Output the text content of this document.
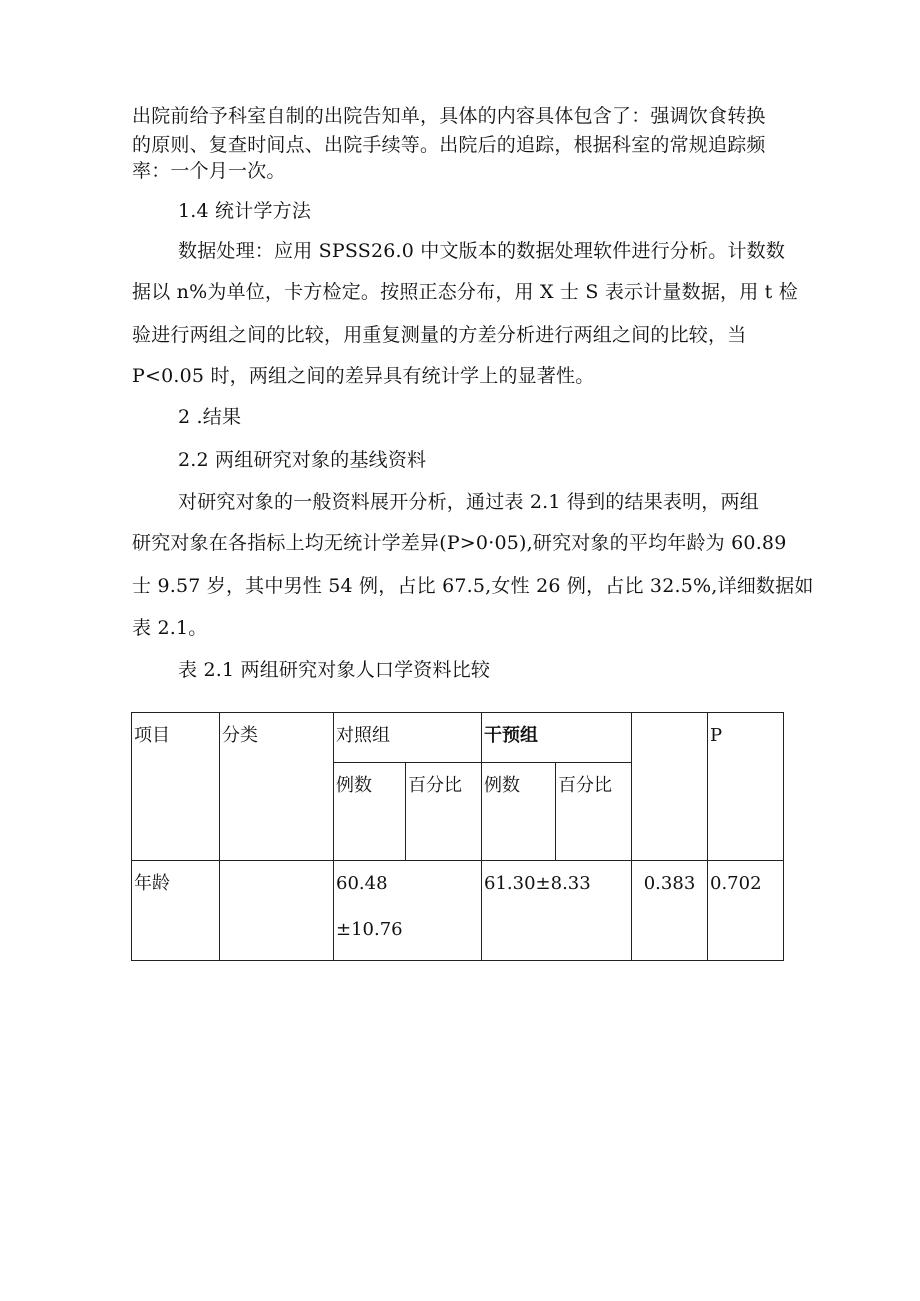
出院前给予科室自制的出院告知单，具体的内容具体包含了：强调饮食转换
的原则、复查时间点、出院手续等。出院后的追踪，根据科室的常规追踪频
率：一个月一次。
1.4 统计学方法
数据处理：应用 SPSS26.0 中文版本的数据处理软件进行分析。计数数
据以 n%为单位，卡方检定。按照正态分布，用 X 士 S 表示计量数据，用 t 检
验进行两组之间的比较，用重复测量的方差分析进行两组之间的比较，当
P<0.05 时，两组之间的差异具有统计学上的显著性。
2 .结果
2.2 两组研究对象的基线资料
对研究对象的一般资料展开分析，通过表 2.1 得到的结果表明，两组
研究对象在各指标上均无统计学差异(P>0·05),研究对象的平均年龄为 60.89
士 9.57 岁，其中男性 54 例，占比 67.5,女性 26 例，占比 32.5%,详细数据如
表 2.1。
表 2.1 两组研究对象人口学资料比较
项目	分类	对照组		干预组			P

		例数	百分比	例数	百分比		

年龄		60.48±10.76		61.30±8.33		0.383	0.702
